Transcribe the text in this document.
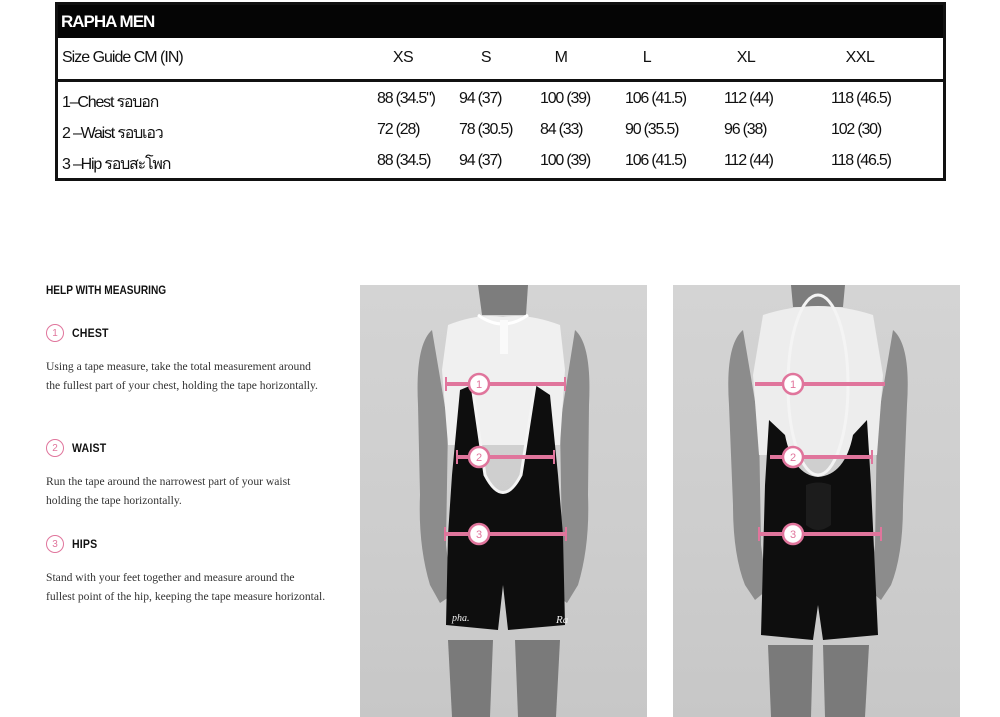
RAPHA MEN
Size Guide CM (IN)	XS	S	M	L	XL	XXL
1–Chest รอบอก	88 (34.5") 94 (37) 100 (39) 106 (41.5) 112 (44)	118 (46.5)
2 –Waist รอบเอว	72 (28) 78 (30.5) 84 (33)	90 (35.5)	96 (38)	102 (30)
3 –Hip รอบสะโพก	88 (34.5) 94 (37) 100 (39) 106 (41.5) 112 (44)	118 (46.5)
HELP WITH MEASURING
1	CHEST
Using a tape measure, take the total measurement around the fullest part of your chest, holding the tape horizontally.
2	WAIST
Run the tape around the narrowest part of your waist holding the tape horizontally.
3	HIPS
Stand with your feet together and measure around the fullest point of the hip, keeping the tape measure horizontal.
pha.	Ra
1
2
3
1
2
3
